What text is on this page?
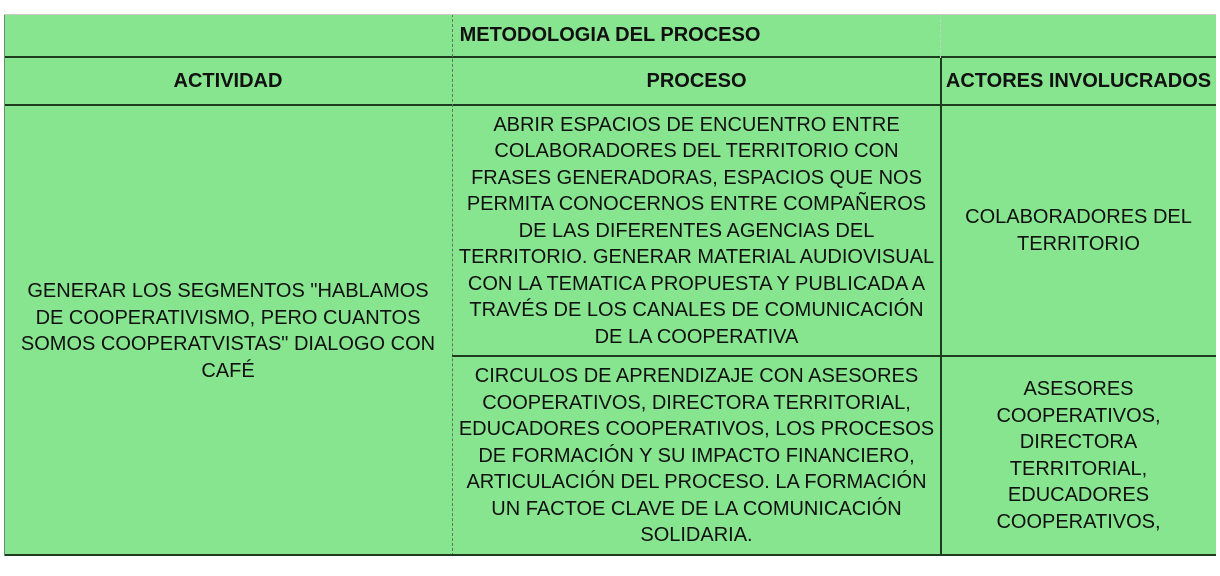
METODOLOGIA DEL PROCESO
ACTIVIDAD	PROCESO	ACTORES INVOLUCRADOS
GENERAR LOS SEGMENTOS "HABLAMOS DE COOPERATIVISMO, PERO CUANTOS SOMOS COOPERATVISTAS" DIALOGO CON CAFÉ
ABRIR ESPACIOS DE ENCUENTRO ENTRE COLABORADORES DEL TERRITORIO CON FRASES GENERADORAS, ESPACIOS QUE NOS PERMITA CONOCERNOS ENTRE COMPAÑEROS DE LAS DIFERENTES AGENCIAS DEL TERRITORIO. GENERAR MATERIAL AUDIOVISUAL CON LA TEMATICA PROPUESTA Y PUBLICADA A TRAVÉS DE LOS CANALES DE COMUNICACIÓN DE LA COOPERATIVA
COLABORADORES DEL TERRITORIO
CIRCULOS DE APRENDIZAJE CON ASESORES COOPERATIVOS, DIRECTORA TERRITORIAL, EDUCADORES COOPERATIVOS, LOS PROCESOS DE FORMACIÓN Y SU IMPACTO FINANCIERO, ARTICULACIÓN DEL PROCESO. LA FORMACIÓN UN FACTOE CLAVE DE LA COMUNICACIÓN SOLIDARIA.
ASESORES COOPERATIVOS, DIRECTORA TERRITORIAL, EDUCADORES COOPERATIVOS,
